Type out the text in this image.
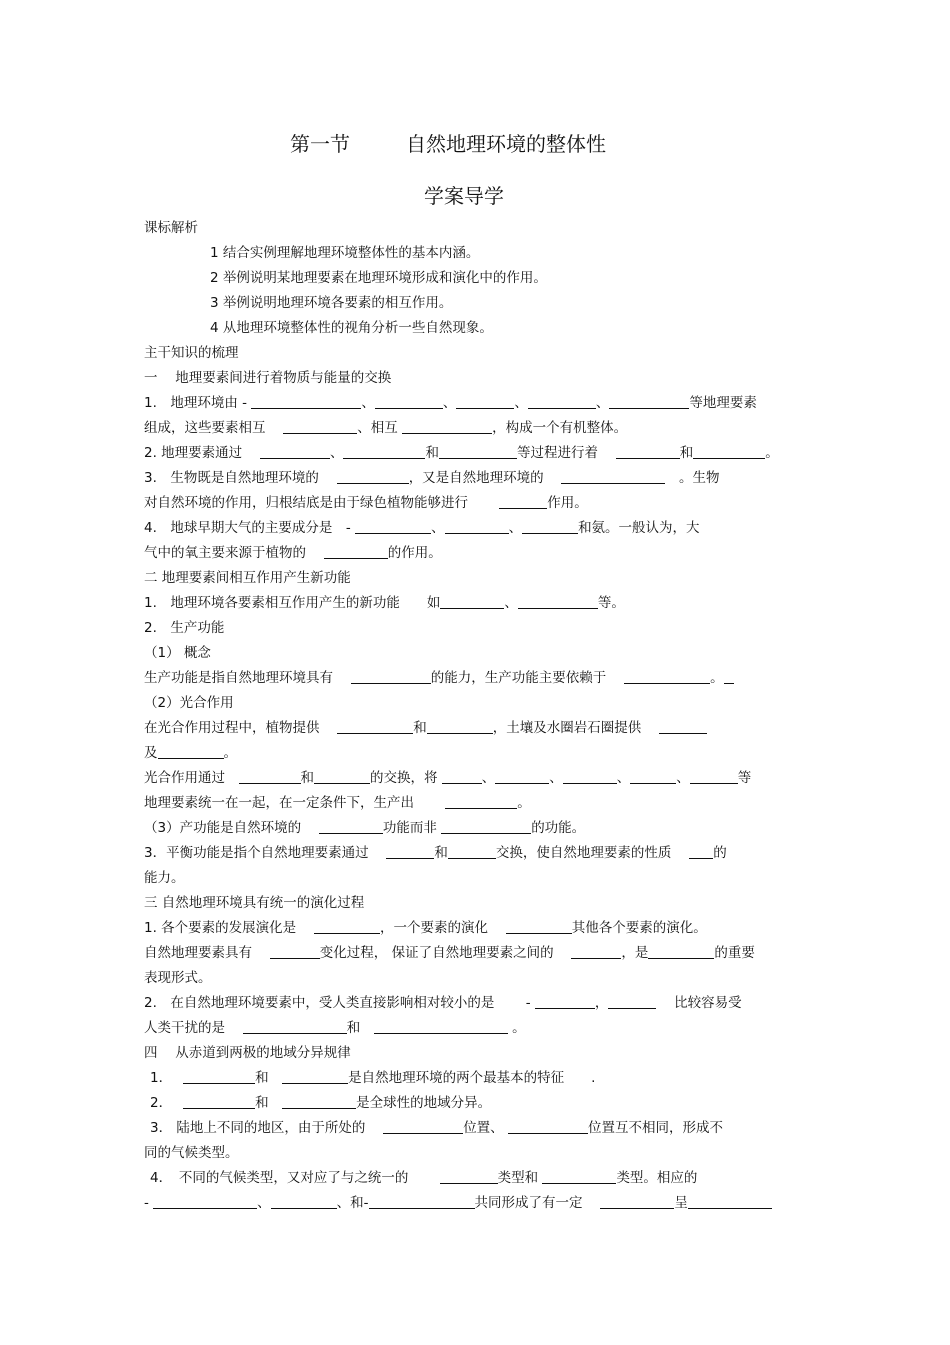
第一节	自然地理环境的整体性
学案导学
课标解析
1 结合实例理解地理环境整体性的基本内涵。
2 举例说明某地理要素在地理环境形成和演化中的作用。
3 举例说明地理环境各要素的相互作用。
4 从地理环境整体性的视角分析一些自然现象。
主干知识的梳理
一　 地理要素间进行着物质与能量的交换
1.　地理环境由 -	、	、	、	、	等地理要素
组成，这些要素相互　	、相互	，构成一个有机整体。
2. 地理要素通过　	、	和	等过程进行着　	和	。
3.　生物既是自然地理环境的　	，又是自然地理环境的　 　	。生物
对自然环境的作用，归根结底是由于绿色植物能够进行　　	作用。
4.　地球早期大气的主要成分是　-	、	、	和氨。一般认为，大
气中的氧主要来源于植物的　	的作用。
二 地理要素间相互作用产生新功能
1.　地理环境各要素相互作用产生的新功能　　如	、	等。
2.　生产功能
（1） 概念
生产功能是指自然地理环境具有　	的能力，生产功能主要依赖于　	。
（2）光合作用
在光合作用过程中，植物提供　	和	，土壤及水圈岩石圈提供　
及	。
光合作用通过　	和	的交换，将	、	、	、	、	等
地理要素统一在一起，在一定条件下，生产出　　	。
（3）产功能是自然环境的　	功能而非	的功能。
3．平衡功能是指个自然地理要素通过　	和	交换，使自然地理要素的性质　	的
能力。
三 自然地理环境具有统一的演化过程
1. 各个要素的发展演化是　	，一个要素的演化　	其他各个要素的演化。
自然地理要素具有　	变化过程， 保证了自然地理要素之间的　	，是	的重要
表现形式。
2.　在自然地理环境要素中，受人类直接影响相对较小的是　　 -	，　	比较容易受
人类干扰的是　	和　	。
四　 从赤道到两极的地域分异规律
1．　	和　	是自然地理环境的两个最基本的特征　　 .
2．　	和　	是全球性的地域分异。
3． 陆地上不同的地区，由于所处的　	位置、	位置互不相同，形成不
同的气候类型。
4．　不同的气候类型，又对应了与之统一的　　	类型和	类型。相应的
-	、	、和-	共同形成了有一定　	呈
